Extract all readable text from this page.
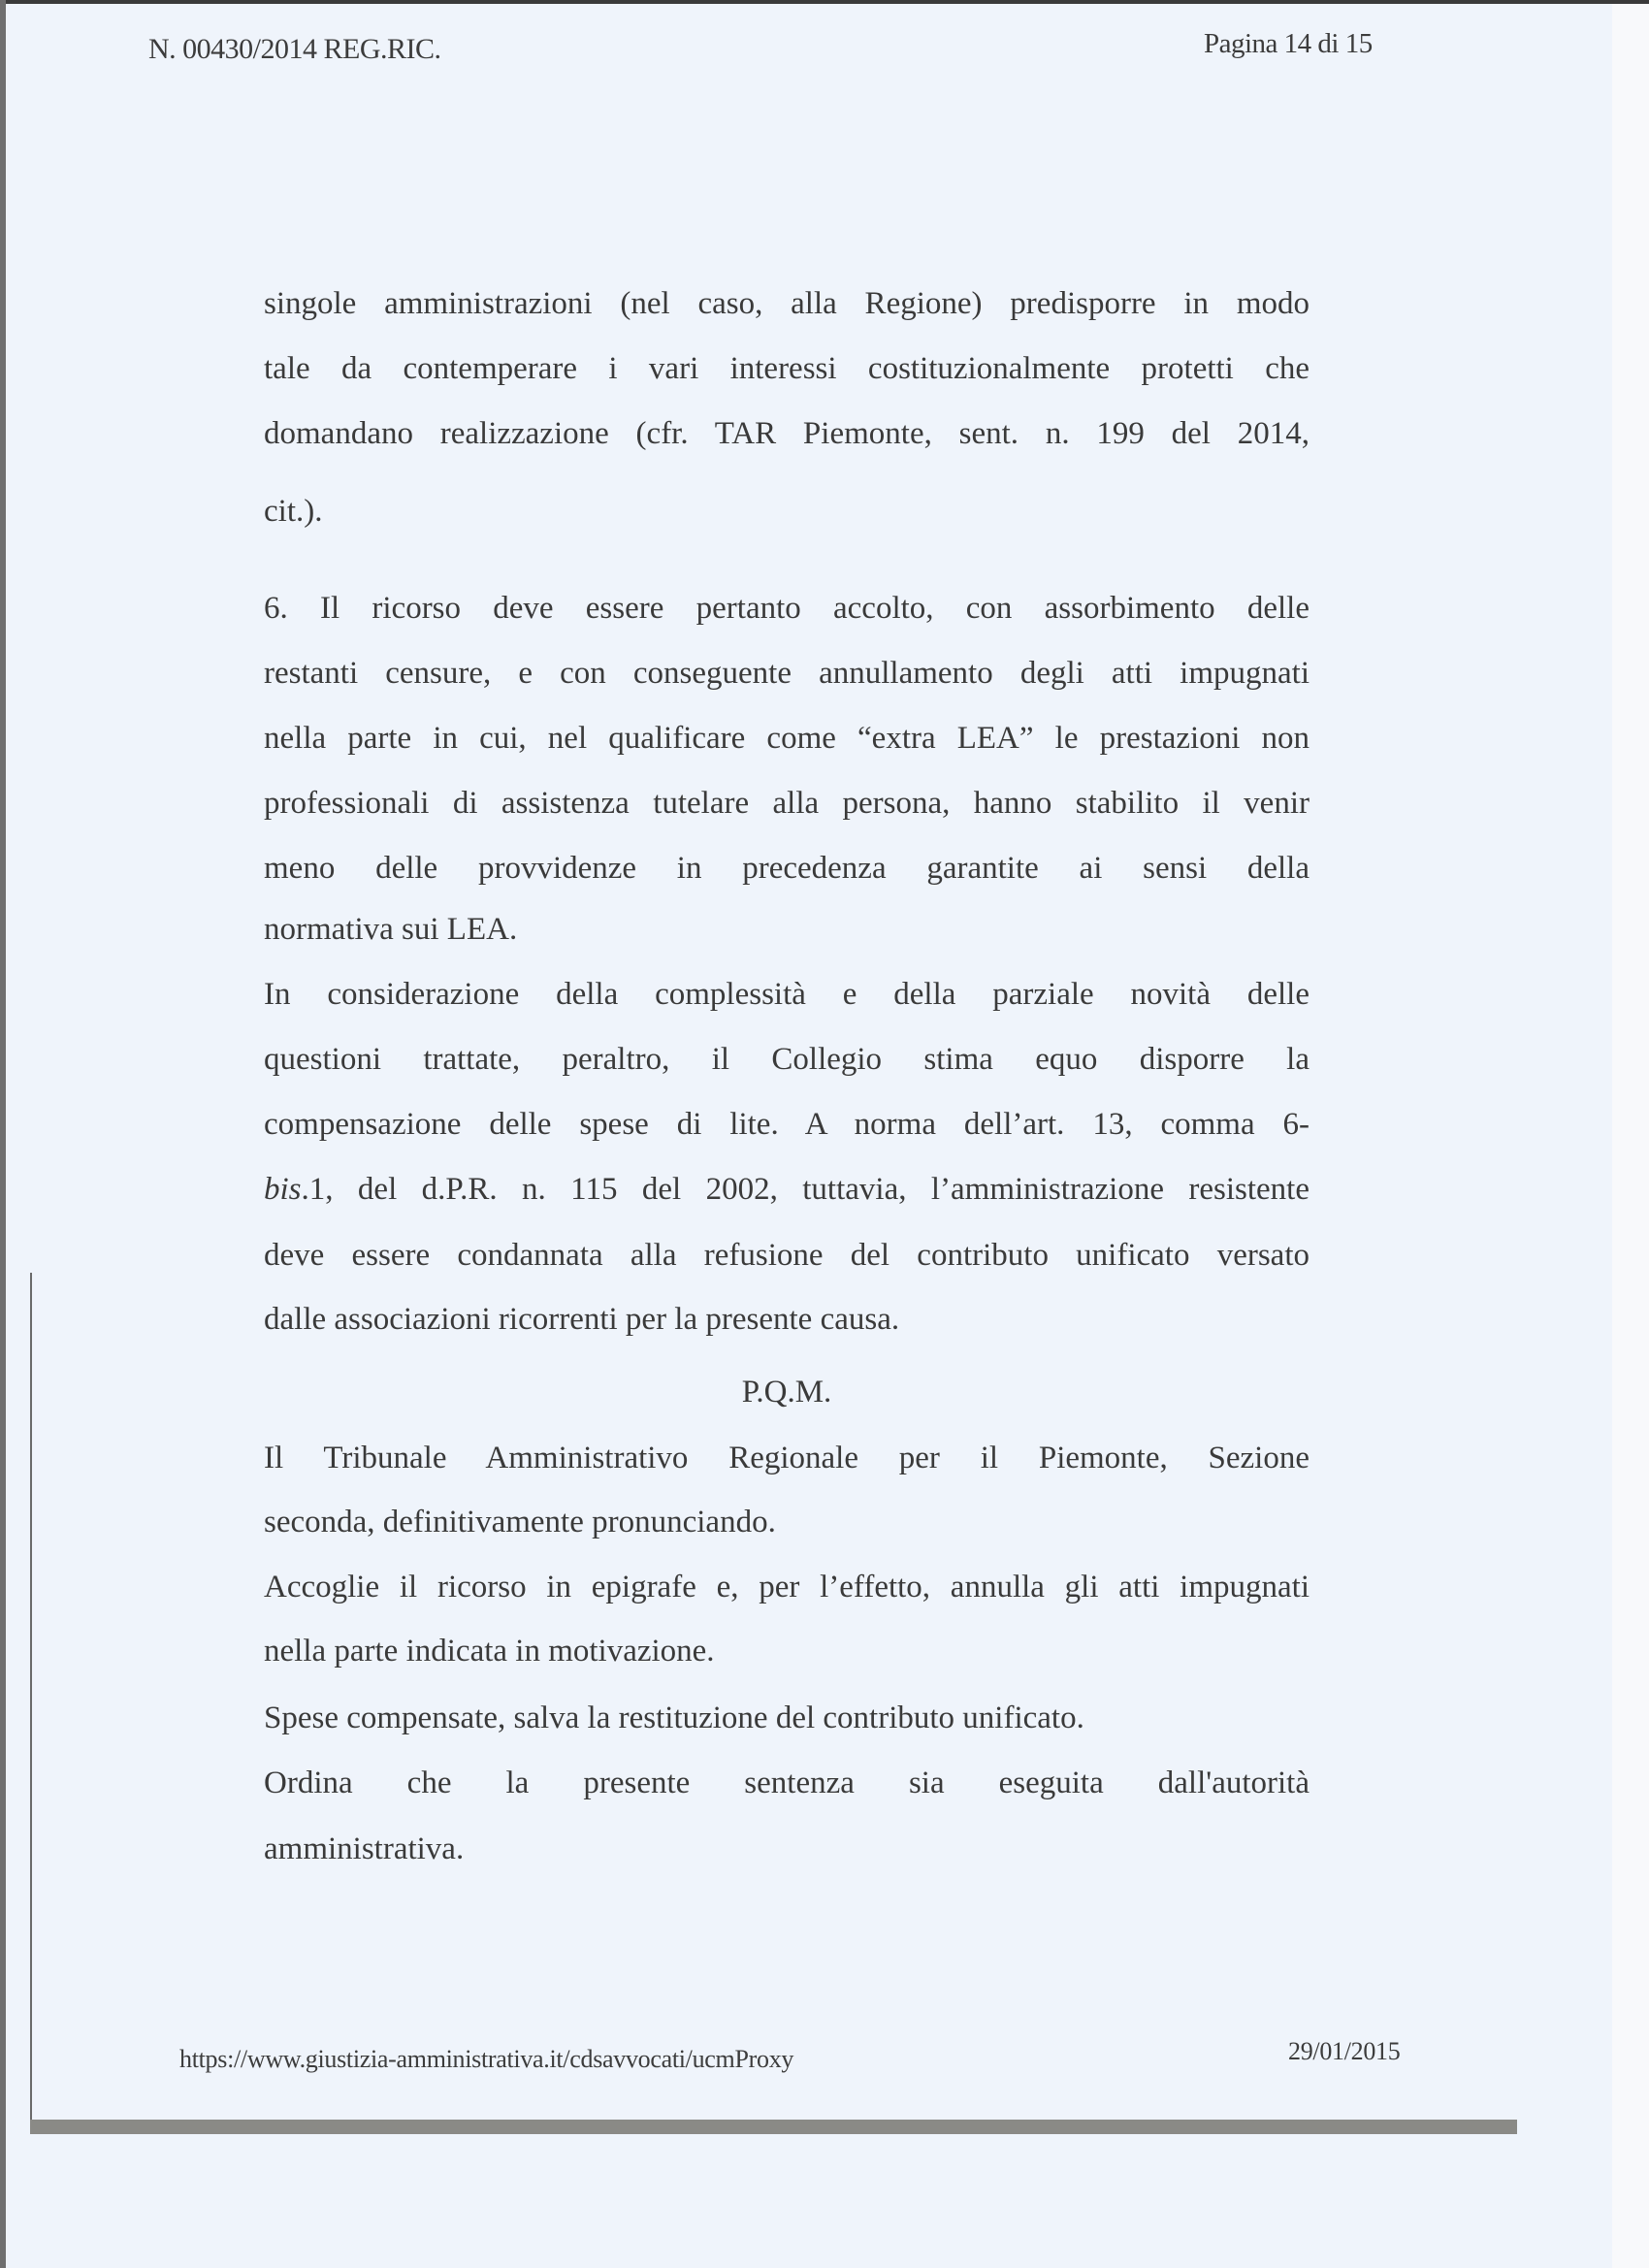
N. 00430/2014 REG.RIC.	Pagina 14 di 15
singole amministrazioni (nel caso, alla Regione) predisporre in modo
tale da contemperare i vari interessi costituzionalmente protetti che
domandano realizzazione (cfr. TAR Piemonte, sent. n. 199 del 2014,
cit.).
6. Il ricorso deve essere pertanto accolto, con assorbimento delle
restanti censure, e con conseguente annullamento degli atti impugnati
nella parte in cui, nel qualificare come “extra LEA” le prestazioni non
professionali di assistenza tutelare alla persona, hanno stabilito il venir
meno delle provvidenze in precedenza garantite ai sensi della
normativa sui LEA.
In considerazione della complessità e della parziale novità delle
questioni trattate, peraltro, il Collegio stima equo disporre la
compensazione delle spese di lite. A norma dell’art. 13, comma 6-
bis.1, del d.P.R. n. 115 del 2002, tuttavia, l’amministrazione resistente
deve essere condannata alla refusione del contributo unificato versato
dalle associazioni ricorrenti per la presente causa.
P.Q.M.
Il Tribunale Amministrativo Regionale per il Piemonte, Sezione
seconda, definitivamente pronunciando.
Accoglie il ricorso in epigrafe e, per l’effetto, annulla gli atti impugnati
nella parte indicata in motivazione.
Spese compensate, salva la restituzione del contributo unificato.
Ordina che la presente sentenza sia eseguita dall'autorità
amministrativa.
https://www.giustizia-amministrativa.it/cdsavvocati/ucmProxy	29/01/2015
